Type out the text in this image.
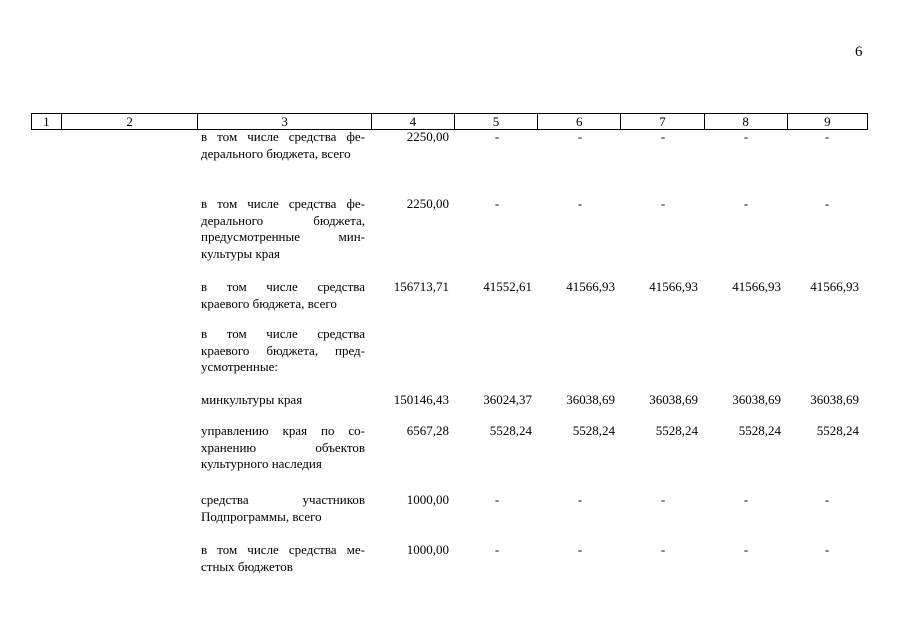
6
1	2	3	4	5	6	7	8	9
в том числе средства фе-деpального бюджета, всего
2250,00	-	-	-	-	-
в том числе средства фе-деpального бюджета, предусмотренные мин-культуры края
2250,00	-	-	-	-	-
в том числе средства краевого бюджета, всего
156713,71	41552,61	41566,93	41566,93	41566,93	41566,93
в том числе средства краевого бюджета, пред-усмотренные:
минкультуры края	150146,43	36024,37	36038,69	36038,69	36038,69	36038,69
управлению края по со-хранению объектов культурного наследия
6567,28	5528,24	5528,24	5528,24	5528,24	5528,24
средства участников Подпрограммы, всего
1000,00	-	-	-	-	-
в том числе средства ме-стных бюджетов
1000,00	-	-	-	-	-
